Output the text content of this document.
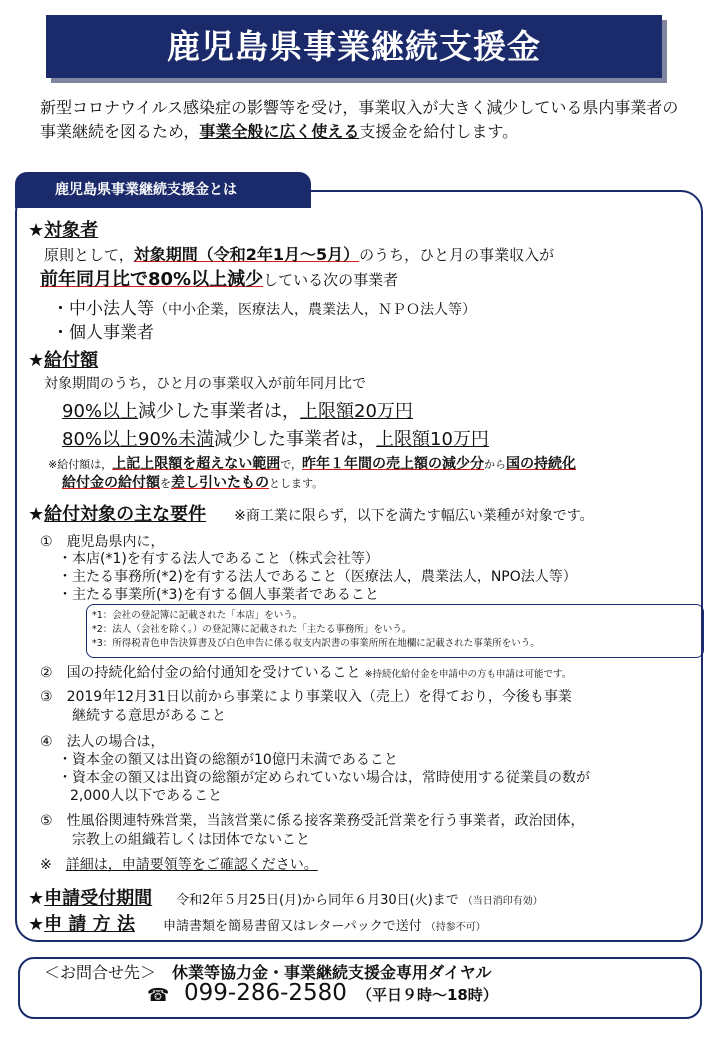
鹿児島県事業継続支援金
新型コロナウイルス感染症の影響等を受け，事業収入が大きく減少している県内事業者の事業継続を図るため，事業全般に広く使える支援金を給付します。
鹿児島県事業継続支援金とは
★対象者
原則として，対象期間（令和2年1月～5月）のうち，ひと月の事業収入が
前年同月比で80%以上減少している次の事業者
・中小法人等（中小企業，医療法人，農業法人，ＮＰＯ法人等）
・個人事業者
★給付額
対象期間のうち，ひと月の事業収入が前年同月比で
90%以上減少した事業者は，上限額20万円
80%以上90%未満減少した事業者は，上限額10万円
※給付額は，上記上限額を超えない範囲で，昨年１年間の売上額の減少分から国の持続化
給付金の給付額を差し引いたものとします。
★給付対象の主な要件 ※商工業に限らず，以下を満たす幅広い業種が対象です。
① 鹿児島県内に，
・本店(*1)を有する法人であること（株式会社等）
・主たる事務所(*2)を有する法人であること（医療法人，農業法人，NPO法人等）
・主たる事業所(*3)を有する個人事業者であること
*1：会社の登記簿に記載された「本店」をいう。
*2：法人（会社を除く。）の登記簿に記載された「主たる事務所」をいう。
*3：所得税青色申告決算書及び白色申告に係る収支内訳書の事業所所在地欄に記載された事業所をいう。
② 国の持続化給付金の給付通知を受けていること ※持続化給付金を申請中の方も申請は可能です。
③ 2019年12月31日以前から事業により事業収入（売上）を得ており，今後も事業
継続する意思があること
④ 法人の場合は，
・資本金の額又は出資の総額が10億円未満であること
・資本金の額又は出資の総額が定められていない場合は，常時使用する従業員の数が
2,000人以下であること
⑤ 性風俗関連特殊営業，当該営業に係る接客業務受託営業を行う事業者，政治団体，
宗教上の組織若しくは団体でないこと
※ 詳細は，申請要領等をご確認ください。
★申請受付期間 令和2年５月25日(月)から同年６月30日(火)まで （当日消印有効）
★申 請 方 法 申請書類を簡易書留又はレターパックで送付 （持参不可）
＜お問合せ先＞ 休業等協力金・事業継続支援金専用ダイヤル
☎ 099-286-2580 （平日９時～18時）
